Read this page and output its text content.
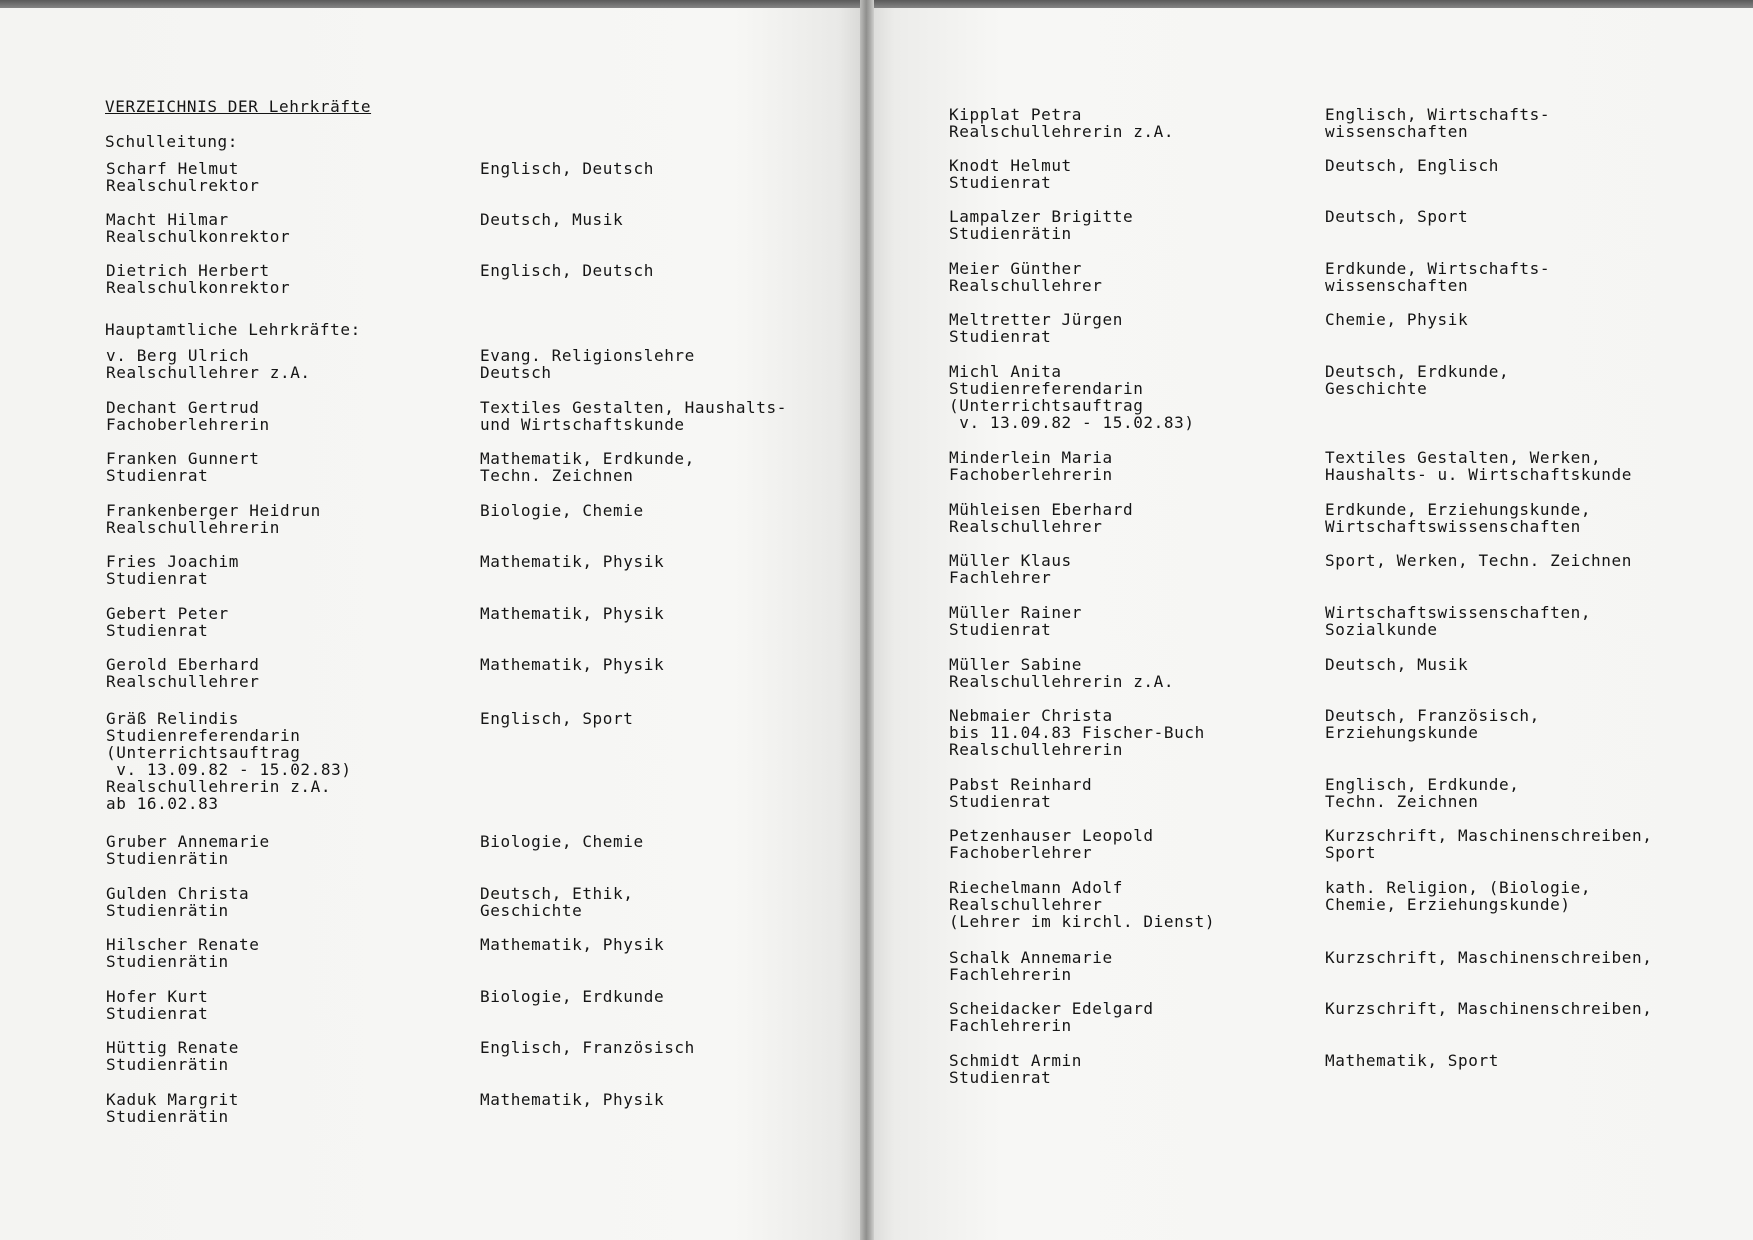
VERZEICHNIS DER Lehrkräfte
Schulleitung:
Scharf Helmut
Realschulrektor
Englisch, Deutsch
Macht Hilmar
Realschulkonrektor
Deutsch, Musik
Dietrich Herbert
Realschulkonrektor
Englisch, Deutsch
Hauptamtliche Lehrkräfte:
v. Berg Ulrich
Realschullehrer z.A.
Evang. Religionslehre
Deutsch
Dechant Gertrud
Fachoberlehrerin
Textiles Gestalten, Haushalts-
und Wirtschaftskunde
Franken Gunnert
Studienrat
Mathematik, Erdkunde,
Techn. Zeichnen
Frankenberger Heidrun
Realschullehrerin
Biologie, Chemie
Fries Joachim
Studienrat
Mathematik, Physik
Gebert Peter
Studienrat
Mathematik, Physik
Gerold Eberhard
Realschullehrer
Mathematik, Physik
Gräß Relindis
Studienreferendarin
(Unterrichtsauftrag
v. 13.09.82 - 15.02.83)
Realschullehrerin z.A.
ab 16.02.83
Englisch, Sport
Gruber Annemarie
Studienrätin
Biologie, Chemie
Gulden Christa
Studienrätin
Deutsch, Ethik,
Geschichte
Hilscher Renate
Studienrätin
Mathematik, Physik
Hofer Kurt
Studienrat
Biologie, Erdkunde
Hüttig Renate
Studienrätin
Englisch, Französisch
Kaduk Margrit
Studienrätin
Mathematik, Physik
Kipplat Petra
Realschullehrerin z.A.
Englisch, Wirtschafts-
wissenschaften
Knodt Helmut
Studienrat
Deutsch, Englisch
Lampalzer Brigitte
Studienrätin
Deutsch, Sport
Meier Günther
Realschullehrer
Erdkunde, Wirtschafts-
wissenschaften
Meltretter Jürgen
Studienrat
Chemie, Physik
Michl Anita
Studienreferendarin
(Unterrichtsauftrag
v. 13.09.82 - 15.02.83)
Deutsch, Erdkunde,
Geschichte
Minderlein Maria
Fachoberlehrerin
Textiles Gestalten, Werken,
Haushalts- u. Wirtschaftskunde
Mühleisen Eberhard
Realschullehrer
Erdkunde, Erziehungskunde,
Wirtschaftswissenschaften
Müller Klaus
Fachlehrer
Sport, Werken, Techn. Zeichnen
Müller Rainer
Studienrat
Wirtschaftswissenschaften,
Sozialkunde
Müller Sabine
Realschullehrerin z.A.
Deutsch, Musik
Nebmaier Christa
bis 11.04.83 Fischer-Buch
Realschullehrerin
Deutsch, Französisch,
Erziehungskunde
Pabst Reinhard
Studienrat
Englisch, Erdkunde,
Techn. Zeichnen
Petzenhauser Leopold
Fachoberlehrer
Kurzschrift, Maschinenschreiben,
Sport
Riechelmann Adolf
Realschullehrer
(Lehrer im kirchl. Dienst)
kath. Religion, (Biologie,
Chemie, Erziehungskunde)
Schalk Annemarie
Fachlehrerin
Kurzschrift, Maschinenschreiben,
Scheidacker Edelgard
Fachlehrerin
Kurzschrift, Maschinenschreiben,
Schmidt Armin
Studienrat
Mathematik, Sport
